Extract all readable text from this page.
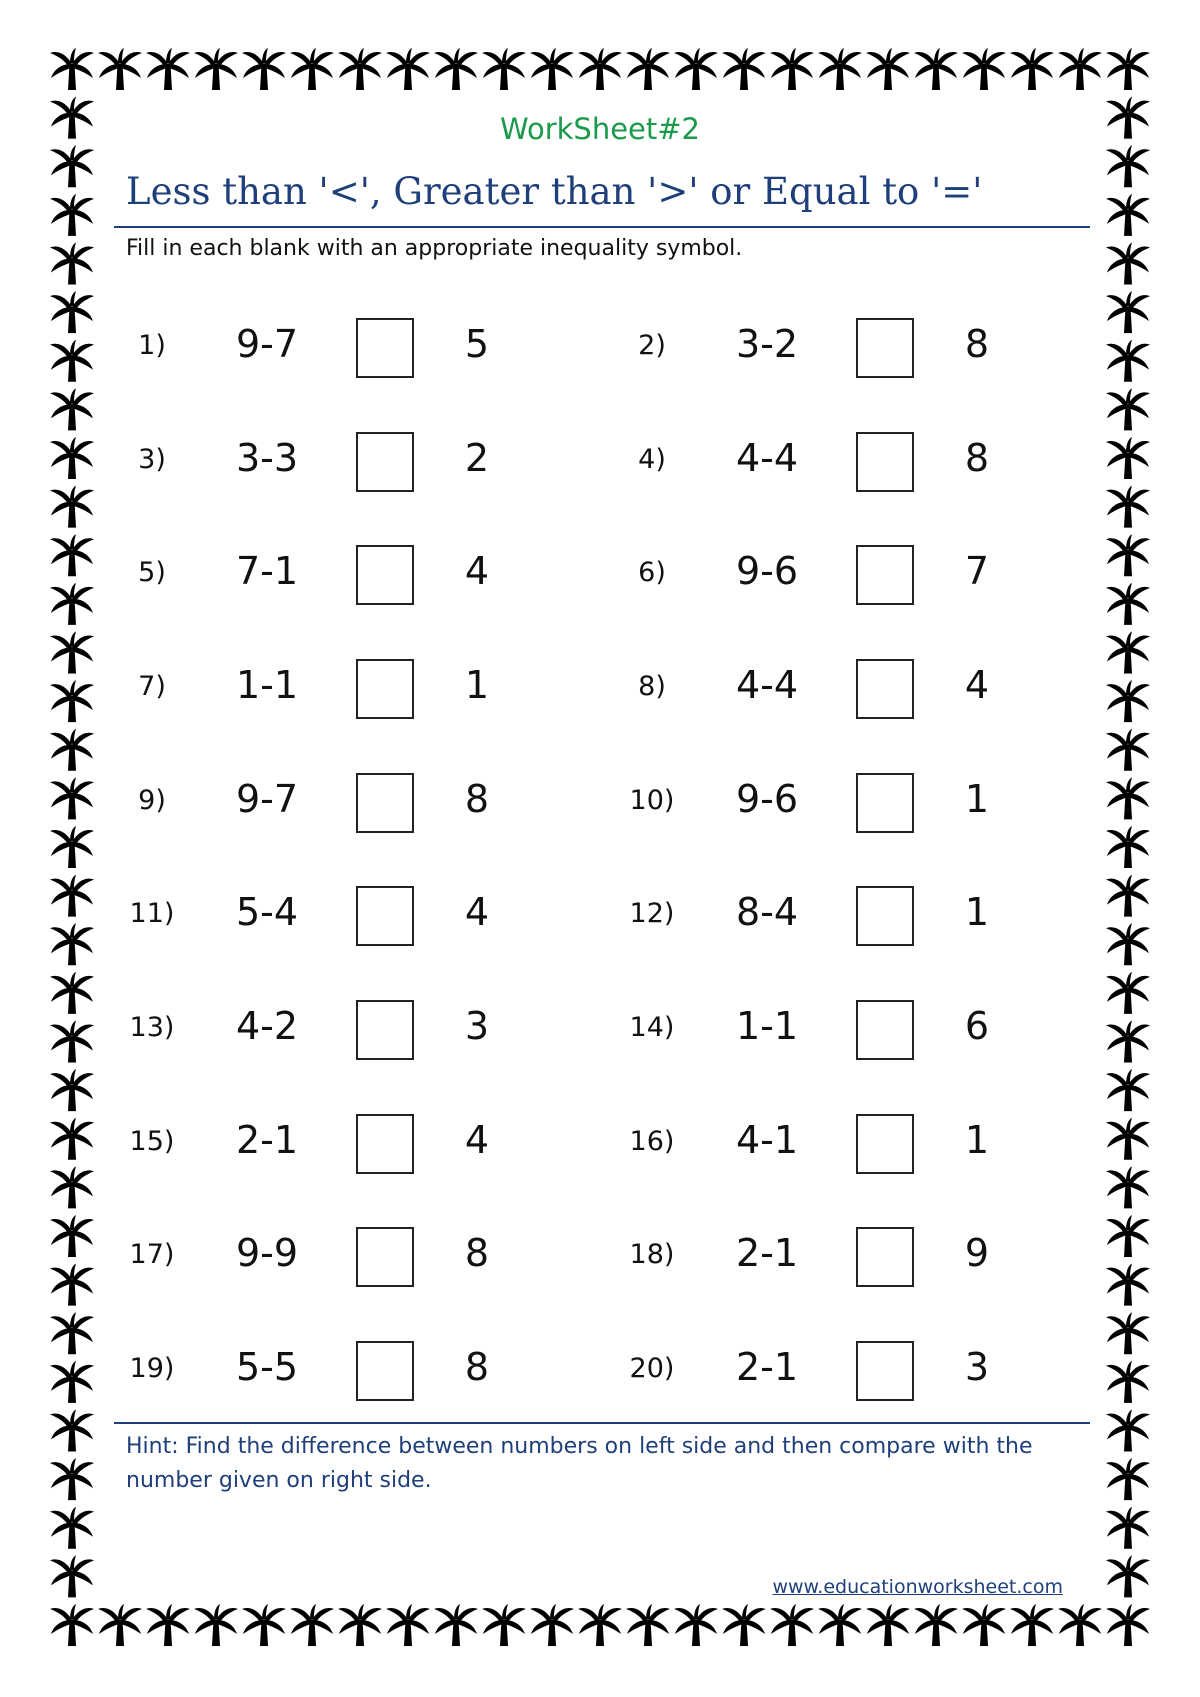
WorkSheet#2
Less than '<', Greater than '>' or Equal to '='
Fill in each blank with an appropriate inequality symbol.
1)	9-7	5	2)	3-2	8
3)	3-3	2	4)	4-4	8
5)	7-1	4	6)	9-6	7
7)	1-1	1	8)	4-4	4
9)	9-7	8	10)	9-6	1
11)	5-4	4	12)	8-4	1
13)	4-2	3	14)	1-1	6
15)	2-1	4	16)	4-1	1
17)	9-9	8	18)	2-1	9
19)	5-5	8	20)	2-1	3
Hint: Find the difference between numbers on left side and then compare with the number given on right side.
www.educationworksheet.com
